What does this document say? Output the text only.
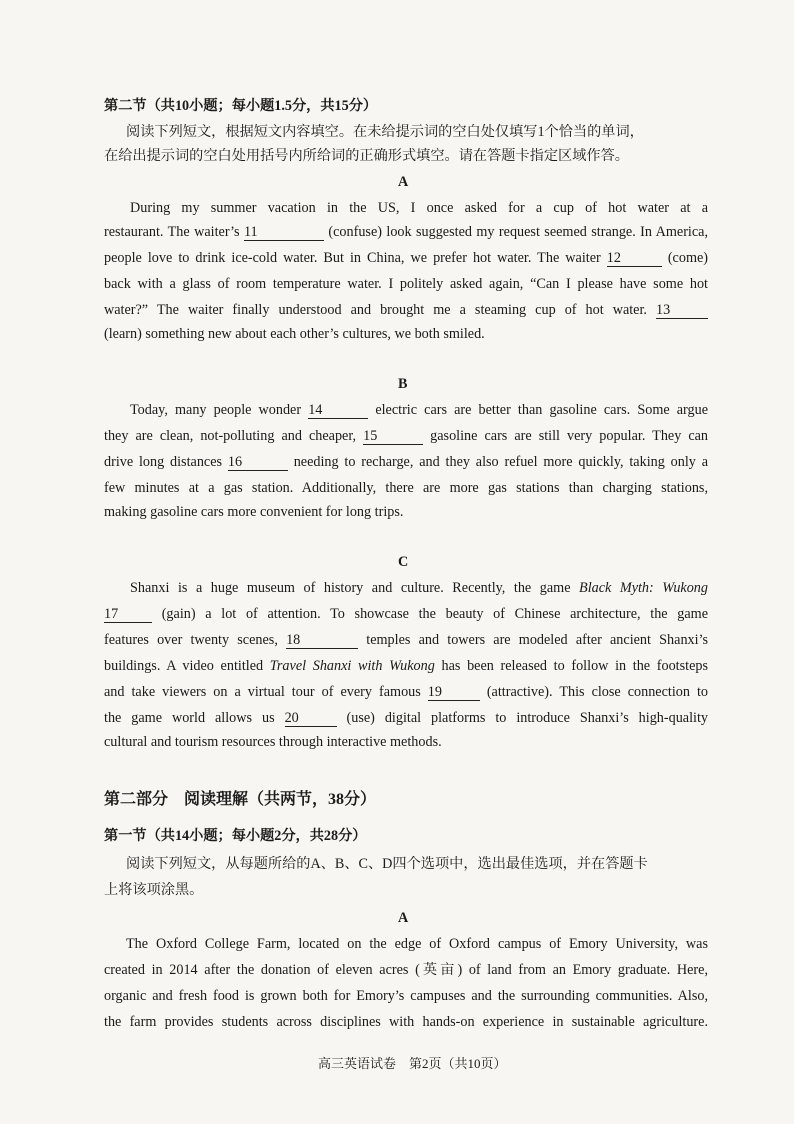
第二节（共10小题；每小题1.5分，共15分）
阅读下列短文，根据短文内容填空。在未给提示词的空白处仅填写1个恰当的单词，
在给出提示词的空白处用括号内所给词的正确形式填空。请在答题卡指定区域作答。
A
During my summer vacation in the US, I once asked for a cup of hot water at a
restaurant. The waiter’s 11	(confuse) look suggested my request seemed strange. In America,
people love to drink ice-cold water. But in China, we prefer hot water. The waiter 12	(come)
back with a glass of room temperature water. I politely asked again, “Can I please have some hot
water?” The waiter finally understood and brought me a steaming cup of hot water. 13
(learn) something new about each other’s cultures, we both smiled.
B
Today, many people wonder 14	electric cars are better than gasoline cars. Some argue
they are clean, not-polluting and cheaper, 15	gasoline cars are still very popular. They can
drive long distances 16	needing to recharge, and they also refuel more quickly, taking only a
few minutes at a gas station. Additionally, there are more gas stations than charging stations,
making gasoline cars more convenient for long trips.
C
Shanxi is a huge museum of history and culture. Recently, the game Black Myth: Wukong
17	(gain) a lot of attention. To showcase the beauty of Chinese architecture, the game
features over twenty scenes, 18	temples and towers are modeled after ancient Shanxi’s
buildings. A video entitled Travel Shanxi with Wukong has been released to follow in the footsteps
and take viewers on a virtual tour of every famous 19	(attractive). This close connection to
the game world allows us 20	(use) digital platforms to introduce Shanxi’s high-quality
cultural and tourism resources through interactive methods.
第二部分　阅读理解（共两节，38分）
第一节（共14小题；每小题2分，共28分）
阅读下列短文，从每题所给的A、B、C、D四个选项中，选出最佳选项，并在答题卡
上将该项涂黑。
A
The Oxford College Farm, located on the edge of Oxford campus of Emory University, was
created in 2014 after the donation of eleven acres (英亩) of land from an Emory graduate. Here,
organic and fresh food is grown both for Emory’s campuses and the surrounding communities. Also,
the farm provides students across disciplines with hands-on experience in sustainable agriculture.
高三英语试卷　第2页（共10页）
